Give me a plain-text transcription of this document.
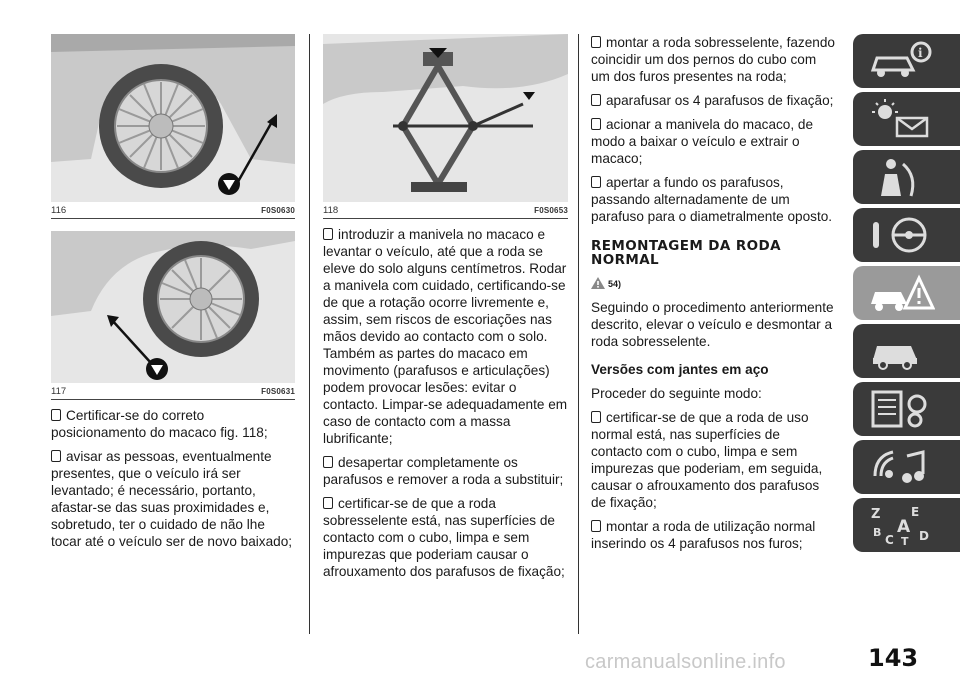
116	F0S0630
117	F0S0631

Certificar-se do correto posicionamento do macaco fig. 118;

avisar as pessoas, eventualmente presentes, que o veículo irá ser levantado; é necessário, portanto, afastar-se das suas proximidades e, sobretudo, ter o cuidado de não lhe tocar até o veículo ser de novo baixado;

118	F0S0653

introduzir a manivela no macaco e levantar o veículo, até que a roda se eleve do solo alguns centímetros. Rodar a manivela com cuidado, certificando-se de que a rotação ocorre livremente e, assim, sem riscos de escoriações nas mãos devido ao contacto com o solo. Também as partes do macaco em movimento (parafusos e articulações) podem provocar lesões: evitar o contacto. Limpar-se adequadamente em caso de contacto com a massa lubrificante;

desapertar completamente os parafusos e remover a roda a substituir;

certificar-se de que a roda sobresselente está, nas superfícies de contacto com o cubo, limpa e sem impurezas que poderiam causar o afrouxamento dos parafusos de fixação;

montar a roda sobresselente, fazendo coincidir um dos pernos do cubo com um dos furos presentes na roda;

aparafusar os 4 parafusos de fixação;

acionar a manivela do macaco, de modo a baixar o veículo e extrair o macaco;

apertar a fundo os parafusos, passando alternadamente de um parafuso para o diametralmente oposto.

REMONTAGEM DA RODA NORMAL
54)

Seguindo o procedimento anteriormente descrito, elevar o veículo e desmontar a roda sobresselente.

Versões com jantes em aço

Proceder do seguinte modo:

certificar-se de que a roda de uso normal está, nas superfícies de contacto com o cubo, limpa e sem impurezas que poderiam, em seguida, causar o afrouxamento dos parafusos de fixação;

montar a roda de utilização normal inserindo os 4 parafusos nos furos;

i
Z	E
B A
C T D
143
carmanualsonline.info
